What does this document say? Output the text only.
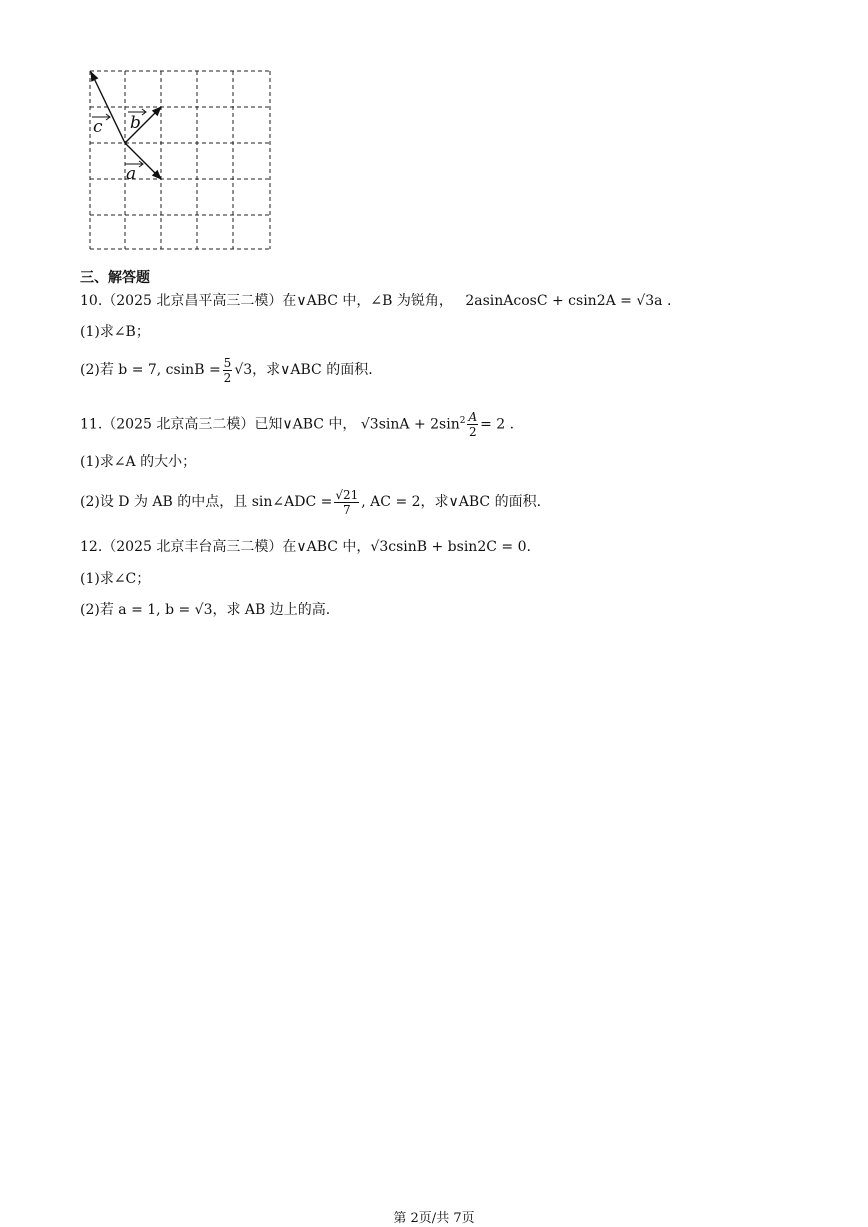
c b
a
三、解答题
10.（2025 北京昌平高三二模）在∨ABC 中，∠B 为锐角， 2asinAcosC + csin2A = √3a .
(1)求∠B；
(2)若 b = 7, $csinB = \frac{5}{2} √3$，求∨ABC 的面积.
11.（2025 北京高三二模）已知∨ABC 中， $√3\sin A + 2\sin^2 \frac{A}{2} = 2$ .
(1)求∠A 的大小；
(2)设 D 为 AB 的中点，且 sin∠ADC = $\frac{√21}{7}$ , AC = 2，求∨ABC 的面积.
12.（2025 北京丰台高三二模）在∨ABC 中，√3csinB + bsin2C = 0.
(1)求∠C；
(2)若 a = 1, b = √3，求 AB 边上的高.
第 2页/共 7页
